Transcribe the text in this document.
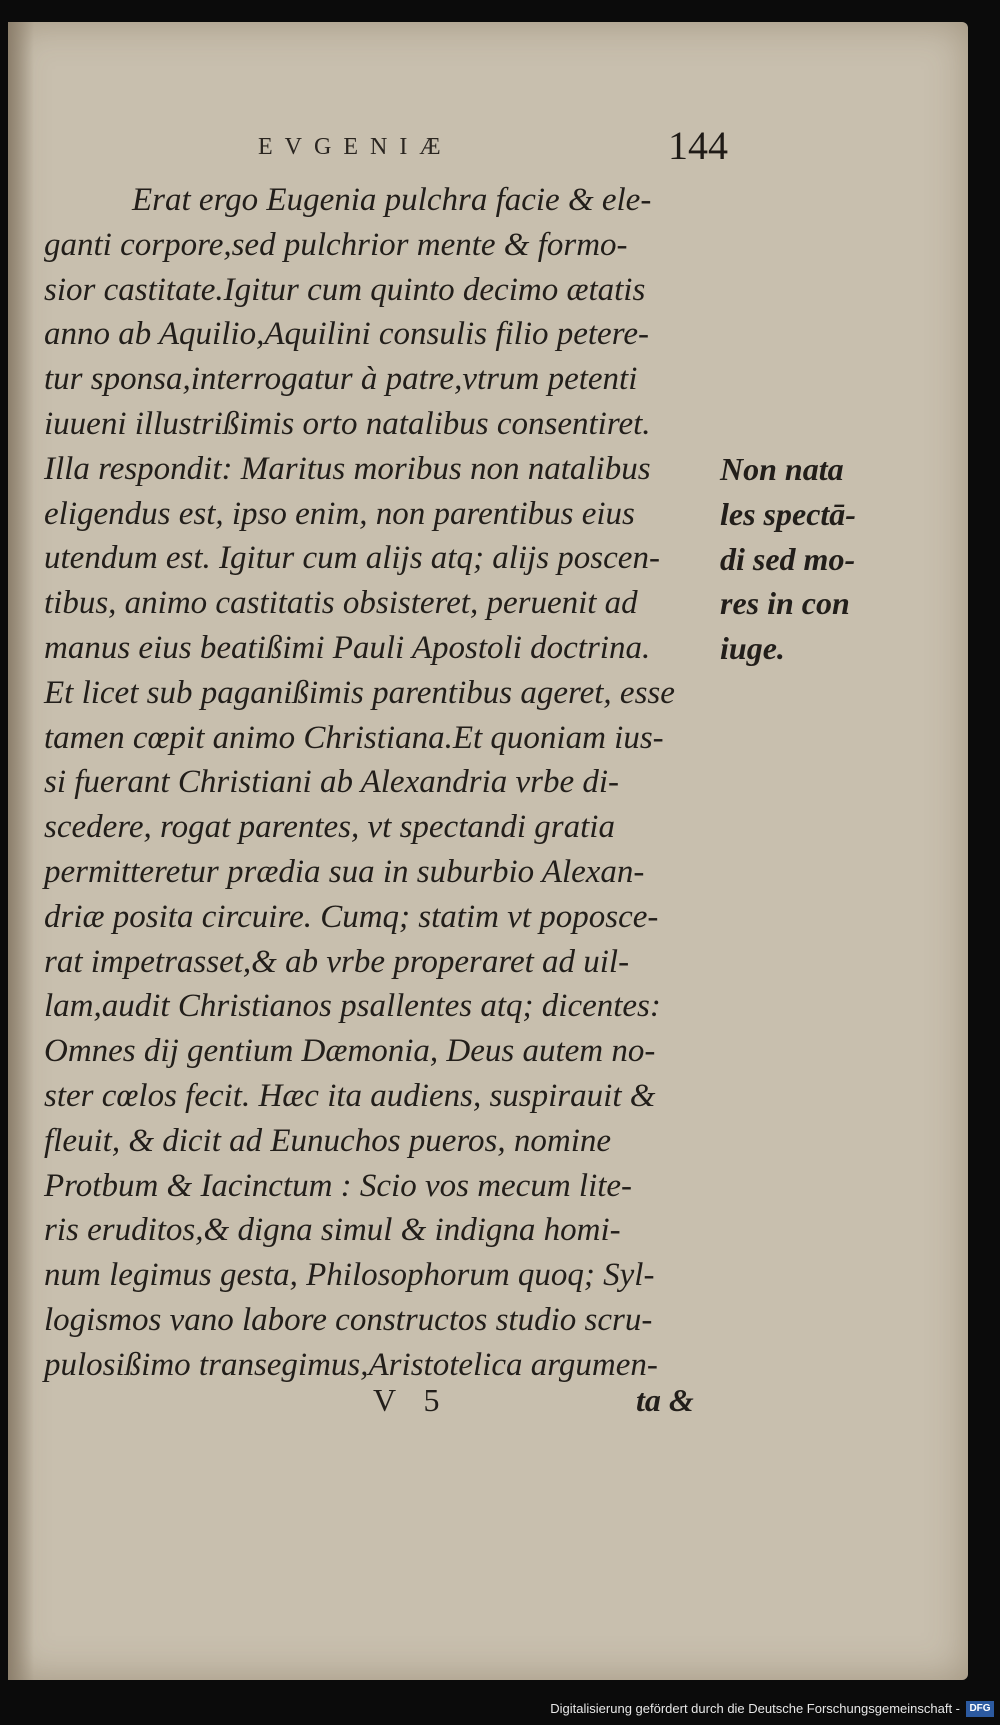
EVGENIÆ	144
Erat ergo Eugenia pulchra facie & ele-
ganti corpore,sed pulchrior mente & formo-
sior castitate.Igitur cum quinto decimo ætatis
anno ab Aquilio,Aquilini consulis filio petere-
tur sponsa,interrogatur à patre,vtrum petenti
iuueni illustrißimis orto natalibus consentiret.
Illa respondit: Maritus moribus non natalibus
eligendus est, ipso enim, non parentibus eius
utendum est. Igitur cum alijs atq; alijs poscen-
tibus, animo castitatis obsisteret, peruenit ad
manus eius beatißimi Pauli Apostoli doctrina.
Et licet sub paganißimis parentibus ageret, esse
tamen cœpit animo Christiana.Et quoniam ius-
si fuerant Christiani ab Alexandria vrbe di-
scedere, rogat parentes, vt spectandi gratia
permitteretur prædia sua in suburbio Alexan-
driæ posita circuire. Cumq; statim vt poposce-
rat impetrasset,& ab vrbe properaret ad uil-
lam,audit Christianos psallentes atq; dicentes:
Omnes dij gentium Dæmonia, Deus autem no-
ster cœlos fecit. Hæc ita audiens, suspirauit &
fleuit, & dicit ad Eunuchos pueros, nomine
Protbum & Iacinctum : Scio vos mecum lite-
ris eruditos,& digna simul & indigna homi-
num legimus gesta, Philosophorum quoq; Syl-
logismos vano labore constructos studio scru-
pulosißimo transegimus,Aristotelica argumen-
Non nata
les spectā-
di sed mo-
res in con
iuge.
V 5	ta &
Digitalisierung gefördert durch die Deutsche Forschungsgemeinschaft - DFG
